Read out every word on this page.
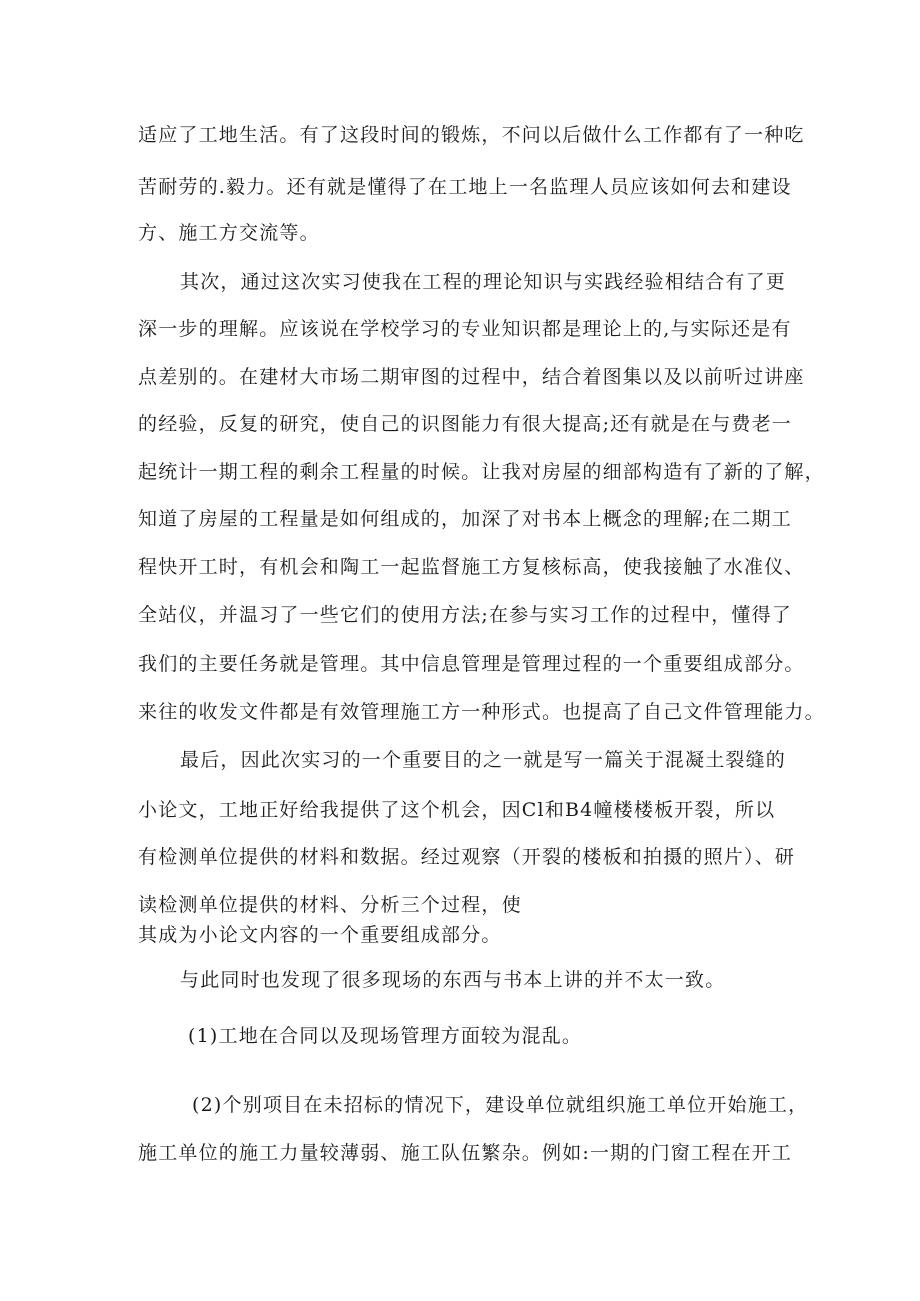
适应了工地生活。有了这段时间的锻炼，不问以后做什么工作都有了一种吃
苦耐劳的.毅力。还有就是懂得了在工地上一名监理人员应该如何去和建设
方、施工方交流等。
其次，通过这次实习使我在工程的理论知识与实践经验相结合有了更
深一步的理解。应该说在学校学习的专业知识都是理论上的,与实际还是有
点差别的。在建材大市场二期审图的过程中，结合着图集以及以前听过讲座
的经验，反复的研究，使自己的识图能力有很大提高;还有就是在与费老一
起统计一期工程的剩余工程量的时候。让我对房屋的细部构造有了新的了解，
知道了房屋的工程量是如何组成的，加深了对书本上概念的理解;在二期工
程快开工时，有机会和陶工一起监督施工方复核标高，使我接触了水准仪、
全站仪，并温习了一些它们的使用方法;在参与实习工作的过程中，懂得了
我们的主要任务就是管理。其中信息管理是管理过程的一个重要组成部分。
来往的收发文件都是有效管理施工方一种形式。也提高了自己文件管理能力。
最后，因此次实习的一个重要目的之一就是写一篇关于混凝土裂缝的
小论文，工地正好给我提供了这个机会，因Cl和B4幢楼楼板开裂，所以
有检测单位提供的材料和数据。经过观察（开裂的楼板和拍摄的照片）、研
读检测单位提供的材料、分析三个过程，使
其成为小论文内容的一个重要组成部分。
与此同时也发现了很多现场的东西与书本上讲的并不太一致。
(1)工地在合同以及现场管理方面较为混乱。
(2)个别项目在未招标的情况下，建设单位就组织施工单位开始施工，
施工单位的施工力量较薄弱、施工队伍繁杂。例如:一期的门窗工程在开工
